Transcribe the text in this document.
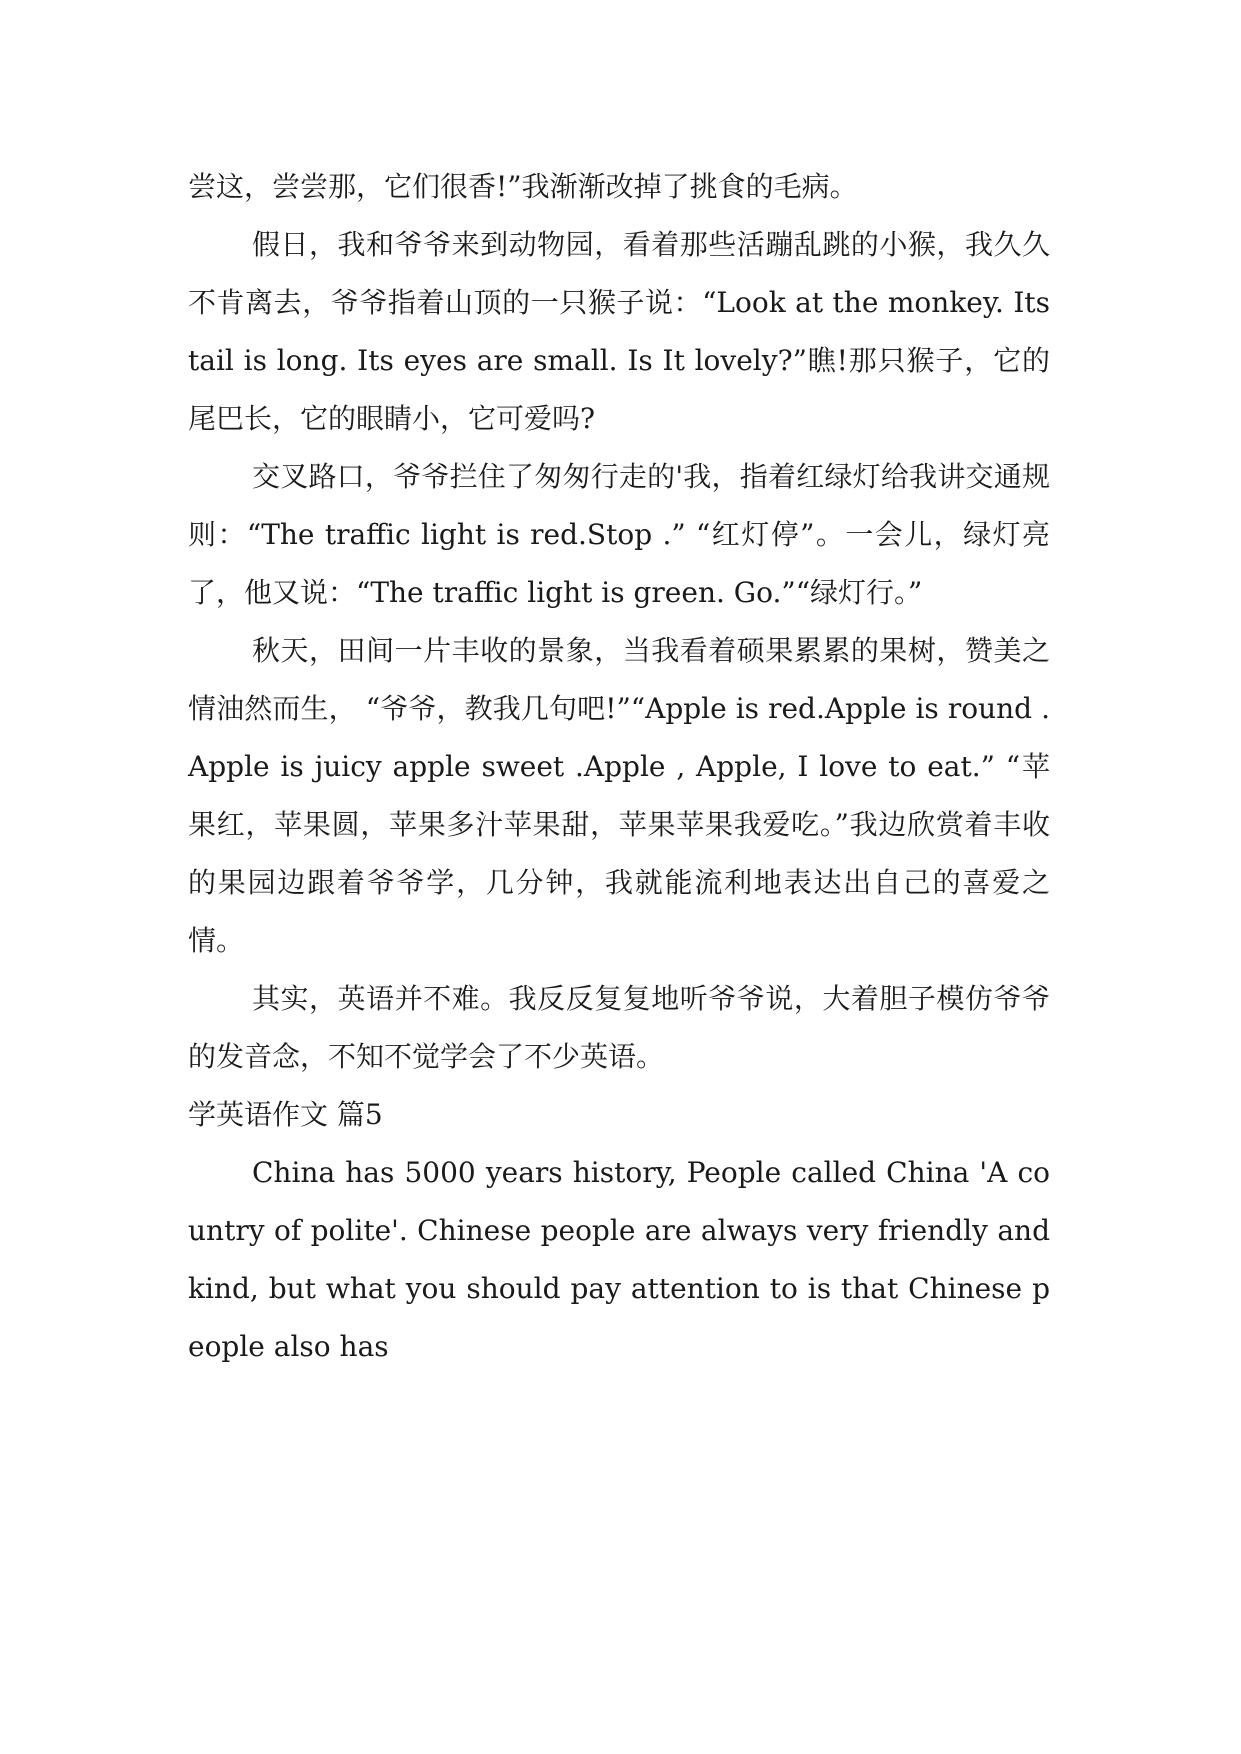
尝这，尝尝那，它们很香!”我渐渐改掉了挑食的毛病。

假日，我和爷爷来到动物园，看着那些活蹦乱跳的小猴，我久久不肯离去，爷爷指着山顶的一只猴子说：“Look at the monkey. Its tail is long. Its eyes are small. Is It lovely?”瞧!那只猴子，它的尾巴长，它的眼睛小，它可爱吗?

交叉路口，爷爷拦住了匆匆行走的'我，指着红绿灯给我讲交通规则：“The traffic light is red.Stop .” “红灯停”。一会儿，绿灯亮了，他又说：“The traffic light is green. Go.”“绿灯行。”

秋天，田间一片丰收的景象，当我看着硕果累累的果树，赞美之情油然而生， “爷爷，教我几句吧!”“Apple is red.Apple is round . Apple is juicy apple sweet .Apple , Apple, I love to eat.” “苹果红，苹果圆，苹果多汁苹果甜，苹果苹果我爱吃。”我边欣赏着丰收的果园边跟着爷爷学，几分钟，我就能流利地表达出自己的喜爱之情。

其实，英语并不难。我反反复复地听爷爷说，大着胆子模仿爷爷的发音念，不知不觉学会了不少英语。

学英语作文 篇5

China has 5000 years history, People called China 'A country of polite'. Chinese people are always very friendly and kind, but what you should pay attention to is that Chinese people also has
